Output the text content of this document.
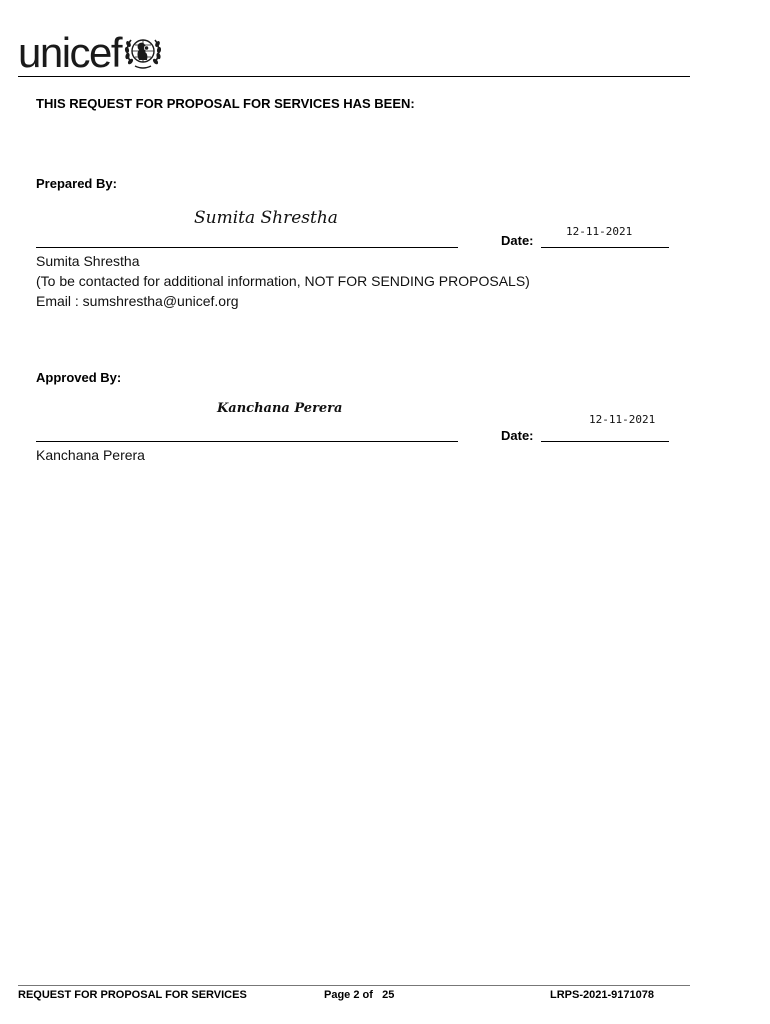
unicef
THIS REQUEST FOR PROPOSAL FOR SERVICES HAS BEEN:
Prepared By:
Sumita Shrestha
12-11-2021
Date:
Sumita Shrestha
(To be contacted for additional information, NOT FOR SENDING PROPOSALS)
Email : sumshrestha@unicef.org
Approved By:
Kanchana Perera
12-11-2021
Date:
Kanchana Perera
REQUEST FOR PROPOSAL FOR SERVICES	Page 2 of   25	LRPS-2021-9171078
